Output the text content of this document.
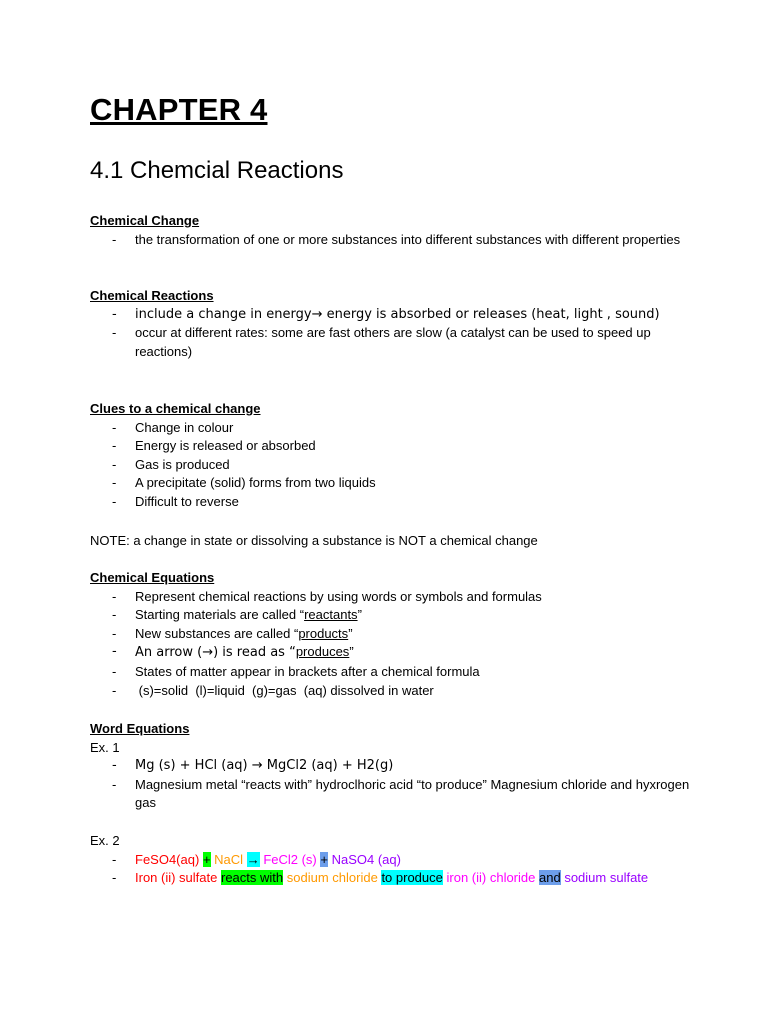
CHAPTER 4
4.1 Chemcial Reactions
Chemical Change
- the transformation of one or more substances into different substances with different properties
Chemical Reactions
- include a change in energy→ energy is absorbed or releases (heat, light , sound)
- occur at different rates: some are fast others are slow (a catalyst can be used to speed up reactions)
Clues to a chemical change
- Change in colour
- Energy is released or absorbed
- Gas is produced
- A precipitate (solid) forms from two liquids
- Difficult to reverse
NOTE: a change in state or dissolving a substance is NOT a chemical change
Chemical Equations
- Represent chemical reactions by using words or symbols and formulas
- Starting materials are called “reactants”
- New substances are called “products”
- An arrow (→) is read as “produces”
- States of matter appear in brackets after a chemical formula
-  (s)=solid  (l)=liquid  (g)=gas  (aq) dissolved in water
Word Equations
Ex. 1
- Mg (s) + HCl (aq) → MgCl2 (aq) + H2(g)
- Magnesium metal “reacts with” hydroclhoric acid “to produce” Magnesium chloride and hyxrogen gas
Ex. 2
- FeSO4(aq) + NaCl → FeCl2 (s) + NaSO4 (aq)
- Iron (ii) sulfate reacts with sodium chloride to produce iron (ii) chloride and sodium sulfate
